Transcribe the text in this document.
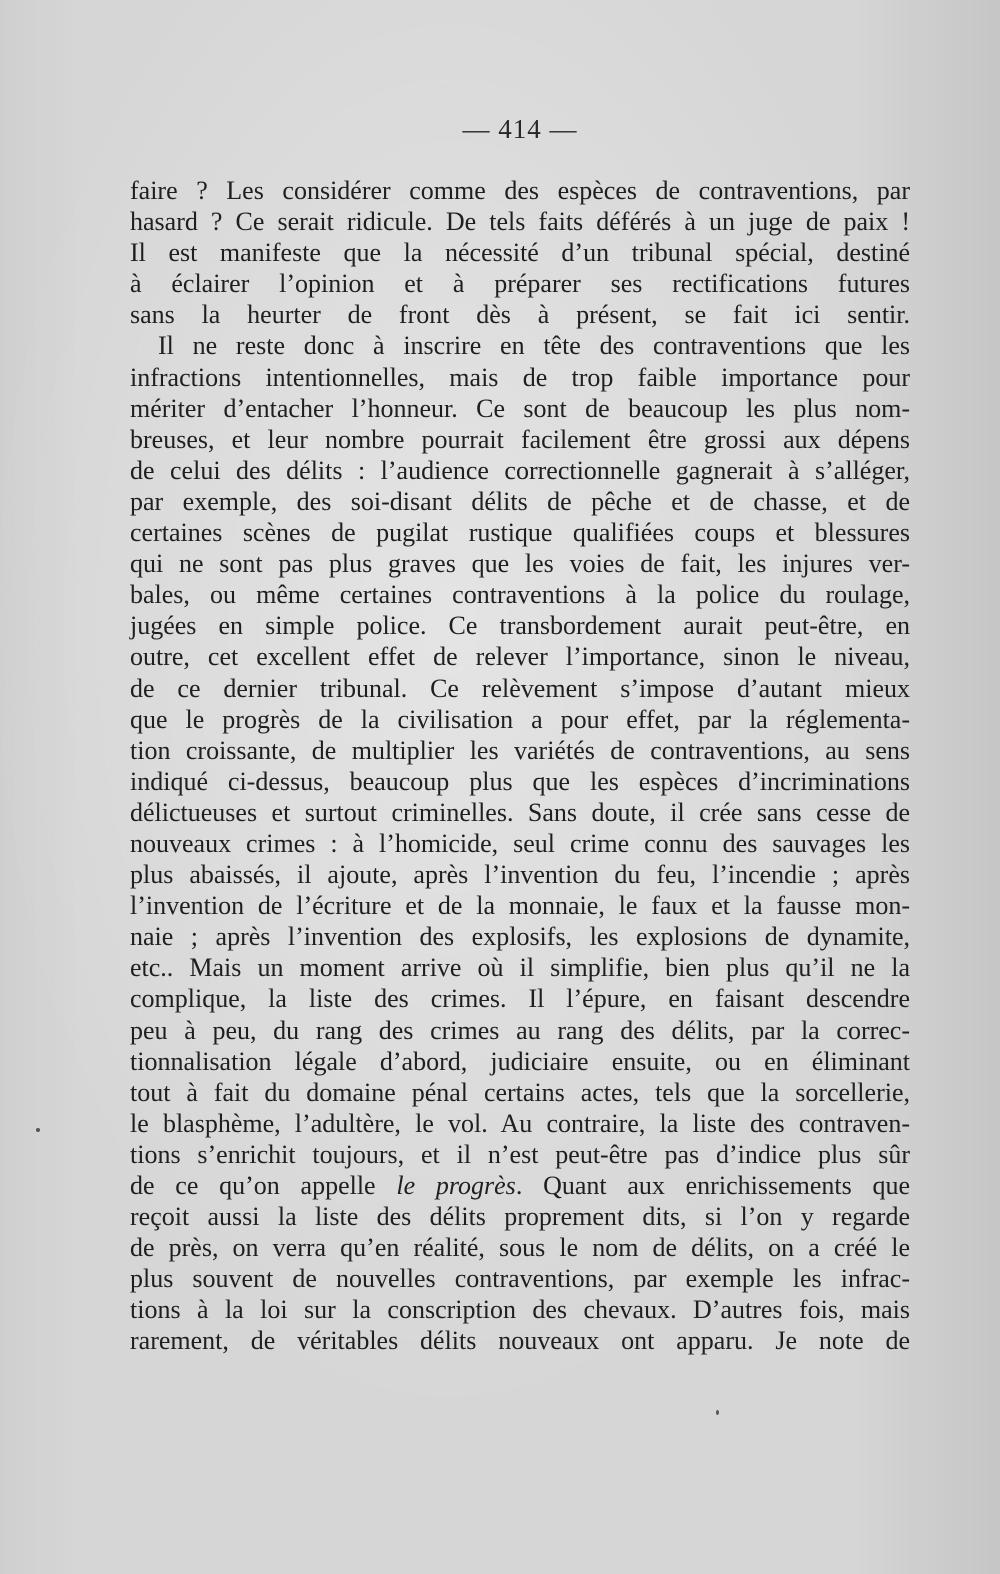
— 414 —
faire ? Les considérer comme des espèces de contraventions, par
hasard ? Ce serait ridicule. De tels faits déférés à un juge de paix !
Il est manifeste que la nécessité d’un tribunal spécial, destiné
à éclairer l’opinion et à préparer ses rectifications futures
sans la heurter de front dès à présent, se fait ici sentir.
Il ne reste donc à inscrire en tête des contraventions que les
infractions intentionnelles, mais de trop faible importance pour
mériter d’entacher l’honneur. Ce sont de beaucoup les plus nom-
breuses, et leur nombre pourrait facilement être grossi aux dépens
de celui des délits : l’audience correctionnelle gagnerait à s’alléger,
par exemple, des soi-disant délits de pêche et de chasse, et de
certaines scènes de pugilat rustique qualifiées coups et blessures
qui ne sont pas plus graves que les voies de fait, les injures ver-
bales, ou même certaines contraventions à la police du roulage,
jugées en simple police. Ce transbordement aurait peut-être, en
outre, cet excellent effet de relever l’importance, sinon le niveau,
de ce dernier tribunal. Ce relèvement s’impose d’autant mieux
que le progrès de la civilisation a pour effet, par la réglementa-
tion croissante, de multiplier les variétés de contraventions, au sens
indiqué ci-dessus, beaucoup plus que les espèces d’incriminations
délictueuses et surtout criminelles. Sans doute, il crée sans cesse de
nouveaux crimes : à l’homicide, seul crime connu des sauvages les
plus abaissés, il ajoute, après l’invention du feu, l’incendie ; après
l’invention de l’écriture et de la monnaie, le faux et la fausse mon-
naie ; après l’invention des explosifs, les explosions de dynamite,
etc.. Mais un moment arrive où il simplifie, bien plus qu’il ne la
complique, la liste des crimes. Il l’épure, en faisant descendre
peu à peu, du rang des crimes au rang des délits, par la correc-
tionnalisation légale d’abord, judiciaire ensuite, ou en éliminant
tout à fait du domaine pénal certains actes, tels que la sorcellerie,
le blasphème, l’adultère, le vol. Au contraire, la liste des contraven-
tions s’enrichit toujours, et il n’est peut-être pas d’indice plus sûr
de ce qu’on appelle le progrès. Quant aux enrichissements que
reçoit aussi la liste des délits proprement dits, si l’on y regarde
de près, on verra qu’en réalité, sous le nom de délits, on a créé le
plus souvent de nouvelles contraventions, par exemple les infrac-
tions à la loi sur la conscription des chevaux. D’autres fois, mais
rarement, de véritables délits nouveaux ont apparu. Je note de
